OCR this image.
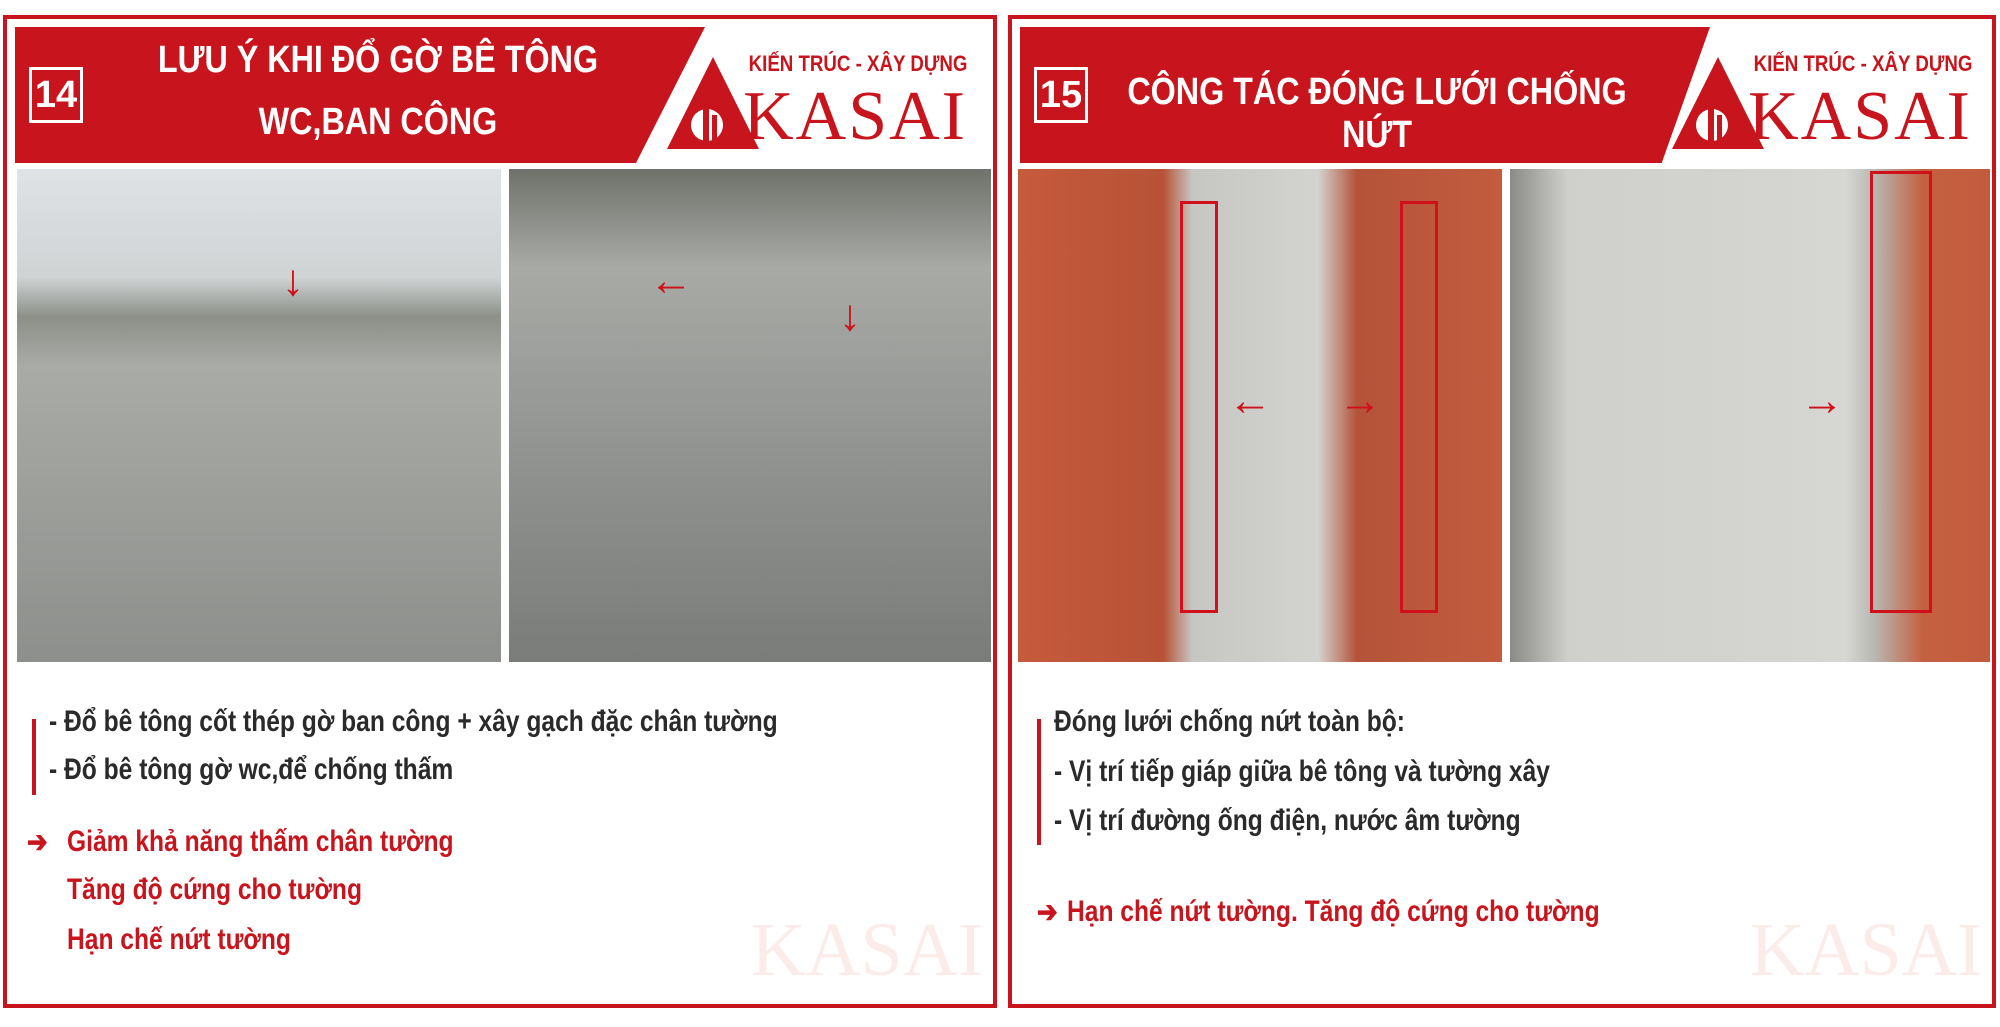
14
LƯU Ý KHI ĐỔ GỜ BÊ TÔNG
WC,BAN CÔNG
KIẾN TRÚC - XÂY DỰNG
KASAI
↓	←
↓
- Đổ bê tông cốt thép gờ ban công + xây gạch đặc chân tường
- Đổ bê tông gờ wc,để chống thấm
➔ Giảm khả năng thấm chân tường
Tăng độ cứng cho tường
Hạn chế nứt tường	KASAI
15 CÔNG TÁC ĐÓNG LƯỚI CHỐNG NỨT
KIẾN TRÚC - XÂY DỰNG
KASAI
← →	→
Đóng lưới chống nứt toàn bộ:
- Vị trí tiếp giáp giữa bê tông và tường xây
- Vị trí đường ống điện, nước âm tường
➔ Hạn chế nứt tường. Tăng độ cứng cho tường KASAI
